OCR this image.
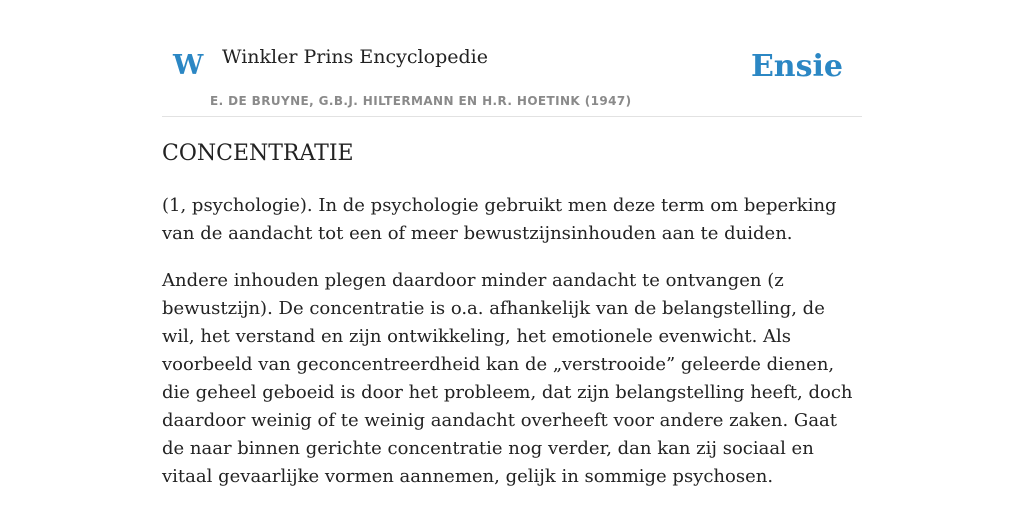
W Winkler Prins Encyclopedie
E. DE BRUYNE, G.B.J. HILTERMANN EN H.R. HOETINK (1947)
Ensie
CONCENTRATIE

(1, psychologie). In de psychologie gebruikt men deze term om beperking van de aandacht tot een of meer bewustzijnsinhouden aan te duiden.

Andere inhouden plegen daardoor minder aandacht te ontvangen (z bewustzijn). De concentratie is o.a. afhankelijk van de belangstelling, de wil, het verstand en zijn ontwikkeling, het emotionele evenwicht. Als voorbeeld van geconcentreerdheid kan de „verstrooide” geleerde dienen, die geheel geboeid is door het probleem, dat zijn belangstelling heeft, doch daardoor weinig of te weinig aandacht overheeft voor andere zaken. Gaat de naar binnen gerichte concentratie nog verder, dan kan zij sociaal en vitaal gevaarlijke vormen aannemen, gelijk in sommige psychosen.
